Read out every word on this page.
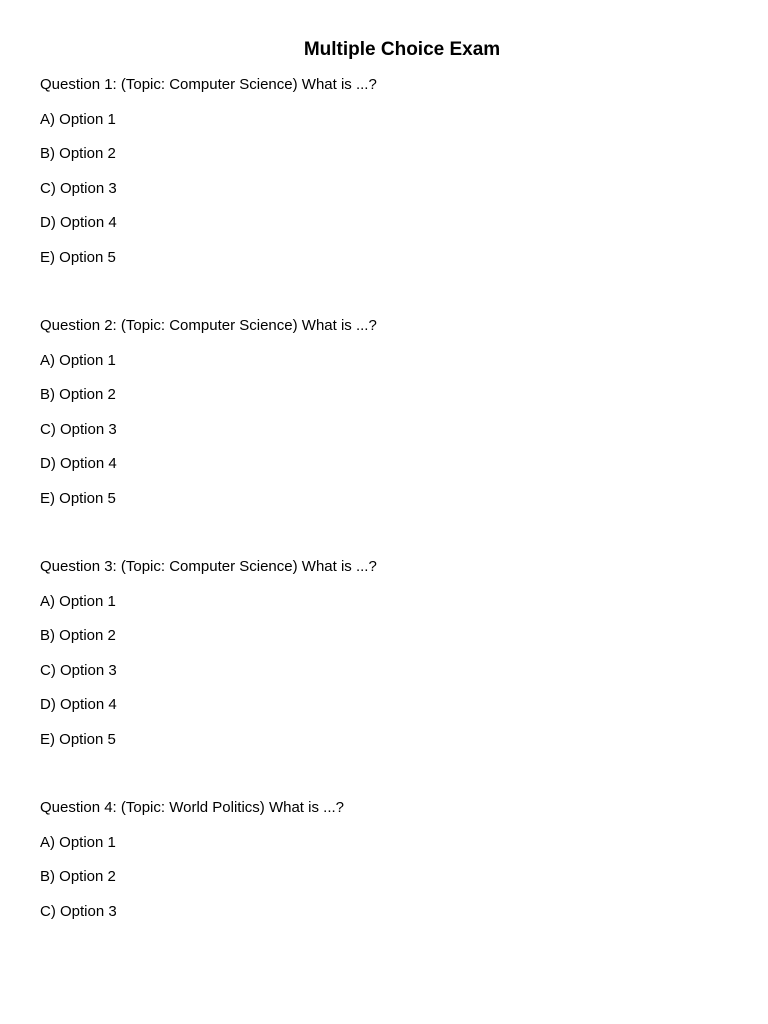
Multiple Choice Exam
Question 1: (Topic: Computer Science) What is ...?
A) Option 1
B) Option 2
C) Option 3
D) Option 4
E) Option 5
Question 2: (Topic: Computer Science) What is ...?
A) Option 1
B) Option 2
C) Option 3
D) Option 4
E) Option 5
Question 3: (Topic: Computer Science) What is ...?
A) Option 1
B) Option 2
C) Option 3
D) Option 4
E) Option 5
Question 4: (Topic: World Politics) What is ...?
A) Option 1
B) Option 2
C) Option 3
